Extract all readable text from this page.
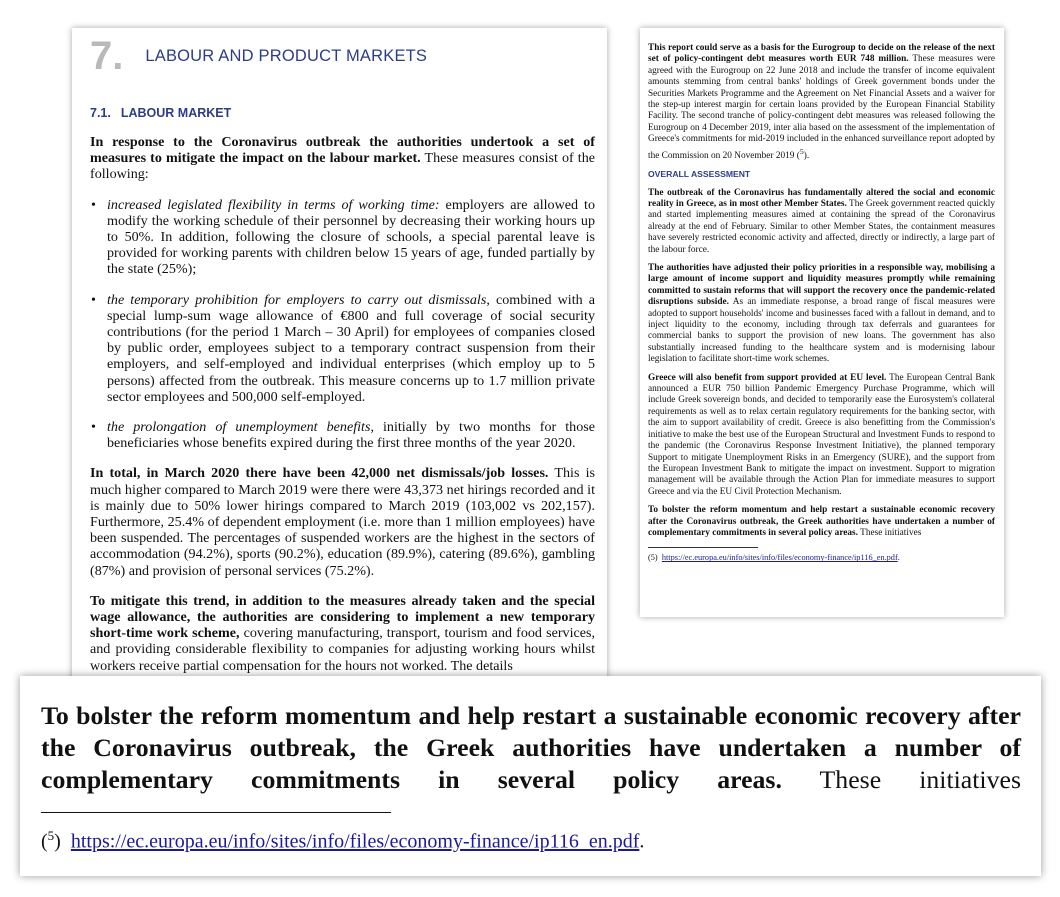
7. LABOUR AND PRODUCT MARKETS
7.1. LABOUR MARKET

In response to the Coronavirus outbreak the authorities undertook a set of measures to mitigate the impact on the labour market. These measures consist of the following:

• increased legislated flexibility in terms of working time: employers are allowed to modify the working schedule of their personnel by decreasing their working hours up to 50%. In addition, following the closure of schools, a special parental leave is provided for working parents with children below 15 years of age, funded partially by the state (25%);
• the temporary prohibition for employers to carry out dismissals, combined with a special lump-sum wage allowance of €800 and full coverage of social security contributions (for the period 1 March – 30 April) for employees of companies closed by public order, employees subject to a temporary contract suspension from their employers, and self-employed and individual enterprises (which employ up to 5 persons) affected from the outbreak. This measure concerns up to 1.7 million private sector employees and 500,000 self-employed.
• the prolongation of unemployment benefits, initially by two months for those beneficiaries whose benefits expired during the first three months of the year 2020.

In total, in March 2020 there have been 42,000 net dismissals/job losses. This is much higher compared to March 2019 were there were 43,373 net hirings recorded and it is mainly due to 50% lower hirings compared to March 2019 (103,002 vs 202,157). Furthermore, 25.4% of dependent employment (i.e. more than 1 million employees) have been suspended. The percentages of suspended workers are the highest in the sectors of accommodation (94.2%), sports (90.2%), education (89.9%), catering (89.6%), gambling (87%) and provision of personal services (75.2%).

To mitigate this trend, in addition to the measures already taken and the special wage allowance, the authorities are considering to implement a new temporary short-time work scheme, covering manufacturing, transport, tourism and food services, and providing considerable flexibility to companies for adjusting working hours whilst workers receive partial compensation for the hours not worked. The details

This report could serve as a basis for the Eurogroup to decide on the release of the next set of policy-contingent debt measures worth EUR 748 million. These measures were agreed with the Eurogroup on 22 June 2018 and include the transfer of income equivalent amounts stemming from central banks' holdings of Greek government bonds under the Securities Markets Programme and the Agreement on Net Financial Assets and a waiver for the step-up interest margin for certain loans provided by the European Financial Stability Facility. The second tranche of policy-contingent debt measures was released following the Eurogroup on 4 December 2019, inter alia based on the assessment of the implementation of Greece's commitments for mid-2019 included in the enhanced surveillance report adopted by the Commission on 20 November 2019 ($^5$).

OVERALL ASSESSMENT

The outbreak of the Coronavirus has fundamentally altered the social and economic reality in Greece, as in most other Member States. The Greek government reacted quickly and started implementing measures aimed at containing the spread of the Coronavirus already at the end of February. Similar to other Member States, the containment measures have severely restricted economic activity and affected, directly or indirectly, a large part of the labour force.

The authorities have adjusted their policy priorities in a responsible way, mobilising a large amount of income support and liquidity measures promptly while remaining committed to sustain reforms that will support the recovery once the pandemic-related disruptions subside. As an immediate response, a broad range of fiscal measures were adopted to support households' income and businesses faced with a fallout in demand, and to inject liquidity to the economy, including through tax deferrals and guarantees for commercial banks to support the provision of new loans. The government has also substantially increased funding to the healthcare system and is modernising labour legislation to facilitate short-time work schemes.

Greece will also benefit from support provided at EU level. The European Central Bank announced a EUR 750 billion Pandemic Emergency Purchase Programme, which will include Greek sovereign bonds, and decided to temporarily ease the Eurosystem's collateral requirements as well as to relax certain regulatory requirements for the banking sector, with the aim to support availability of credit. Greece is also benefitting from the Commission's initiative to make the best use of the European Structural and Investment Funds to respond to the pandemic (the Coronavirus Response Investment Initiative), the planned temporary Support to mitigate Unemployment Risks in an Emergency (SURE), and the support from the European Investment Bank to mitigate the impact on investment. Support to migration management will be available through the Action Plan for immediate measures to support Greece and via the EU Civil Protection Mechanism.

To bolster the reform momentum and help restart a sustainable economic recovery after the Coronavirus outbreak, the Greek authorities have undertaken a number of complementary commitments in several policy areas. These initiatives

(5) https://ec.europa.eu/info/sites/info/files/economy-finance/ip116_en.pdf.
To bolster the reform momentum and help restart a sustainable economic recovery after the Coronavirus outbreak, the Greek authorities have undertaken a number of complementary commitments in several policy areas. These initiatives
($^5$) https://ec.europa.eu/info/sites/info/files/economy-finance/ip116_en.pdf.
